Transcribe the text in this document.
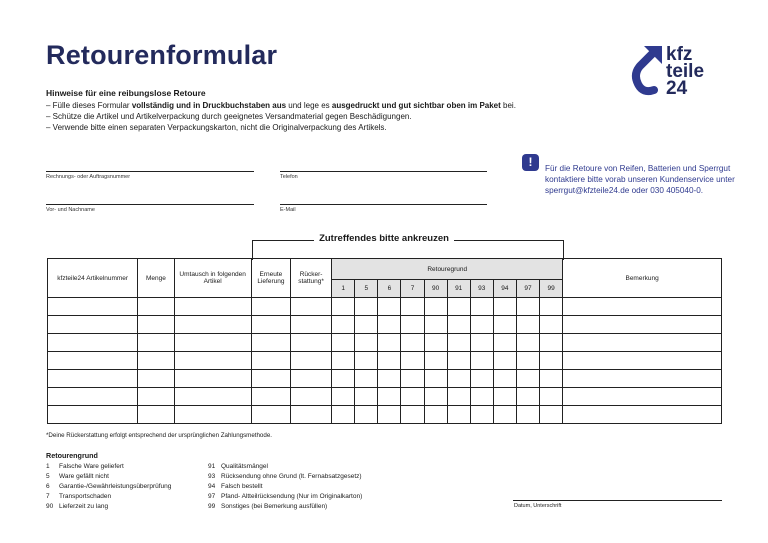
Retourenformular	kfz
teile
24
Hinweise für eine reibungslose Retoure
– Fülle dieses Formular vollständig und in Druckbuchstaben aus und lege es ausgedruckt und gut sichtbar oben im Paket bei.
– Schütze die Artikel und Artikelverpackung durch geeignetes Versandmaterial gegen Beschädigungen.
– Verwende bitte einen separaten Verpackungskarton, nicht die Originalverpackung des Artikels.
Rechnungs- oder Auftragsnummer	Telefon
Vor- und Nachname	E-Mail
!	Für die Retoure von Reifen, Batterien und Sperrgut kontaktiere bitte vorab unseren Kundenservice unter sperrgut@kfzteile24.de oder 030 405040-0.
Zutreffendes bitte ankreuzen
kfzteile24 Artikelnummer	Menge	Umtausch in folgenden Artikel	Erneute Lieferung	Rücker-stattung*	Retouregrund										Bemerkung
					1	5	6	7	90	91	93	94	97	99	

*Deine Rückerstattung erfolgt entsprechend der ursprünglichen Zahlungsmethode.
Retourengrund
1 Falsche Ware geliefert
5 Ware gefällt nicht
6 Garantie-/Gewährleistungsüberprüfung
7 Transportschaden
90 Lieferzeit zu lang
91 Qualitätsmängel
93 Rücksendung ohne Grund (lt. Fernabsatzgesetz)
94 Falsch bestellt
97 Pfand- Altteilrücksendung (Nur im Originalkarton)
99 Sonstiges (bei Bemerkung ausfüllen)	Datum, Unterschrift
